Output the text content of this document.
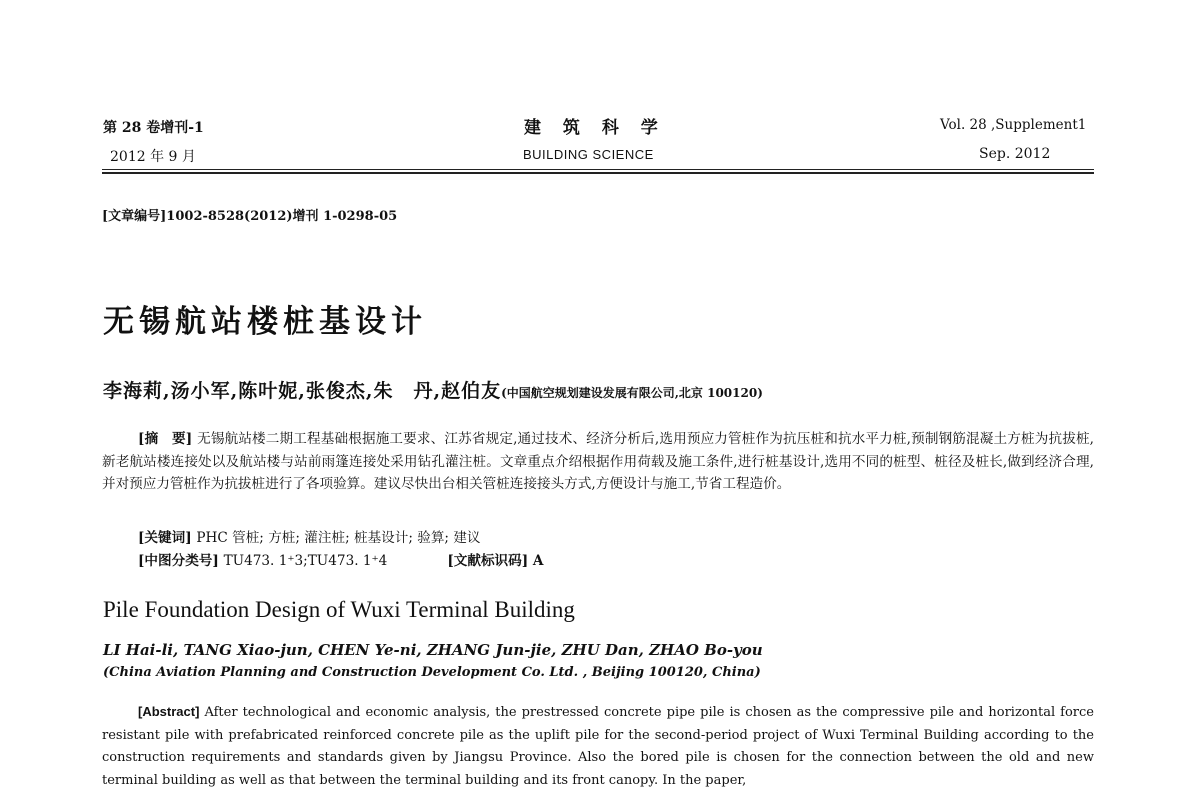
第 28 卷增刊-1
2012 年 9 月
建 筑 科 学
BUILDING SCIENCE
Vol. 28 ,Supplement1
Sep. 2012
[文章编号]1002-8528(2012)增刊 1-0298-05
无锡航站楼桩基设计
李海莉,汤小军,陈叶妮,张俊杰,朱　丹,赵伯友(中国航空规划建设发展有限公司,北京 100120)
[摘　要] 无锡航站楼二期工程基础根据施工要求、江苏省规定,通过技术、经济分析后,选用预应力管桩作为抗压桩和抗水平力桩,预制钢筋混凝土方桩为抗拔桩,新老航站楼连接处以及航站楼与站前雨篷连接处采用钻孔灌注桩。文章重点介绍根据作用荷载及施工条件,进行桩基设计,选用不同的桩型、桩径及桩长,做到经济合理,并对预应力管桩作为抗拔桩进行了各项验算。建议尽快出台相关管桩连接接头方式,方便设计与施工,节省工程造价。
[关键词] PHC 管桩; 方桩; 灌注桩; 桩基设计; 验算; 建议
[中图分类号] TU473. 1⁺3;TU473. 1⁺4	[文献标识码] A
Pile Foundation Design of Wuxi Terminal Building
LI Hai-li, TANG Xiao-jun, CHEN Ye-ni, ZHANG Jun-jie, ZHU Dan, ZHAO Bo-you
(China Aviation Planning and Construction Development Co. Ltd. , Beijing 100120, China)
[Abstract] After technological and economic analysis, the prestressed concrete pipe pile is chosen as the compressive pile and horizontal force resistant pile with prefabricated reinforced concrete pile as the uplift pile for the second-period project of Wuxi Terminal Building according to the construction requirements and standards given by Jiangsu Province. Also the bored pile is chosen for the connection between the old and new terminal building as well as that between the terminal building and its front canopy. In the paper,
